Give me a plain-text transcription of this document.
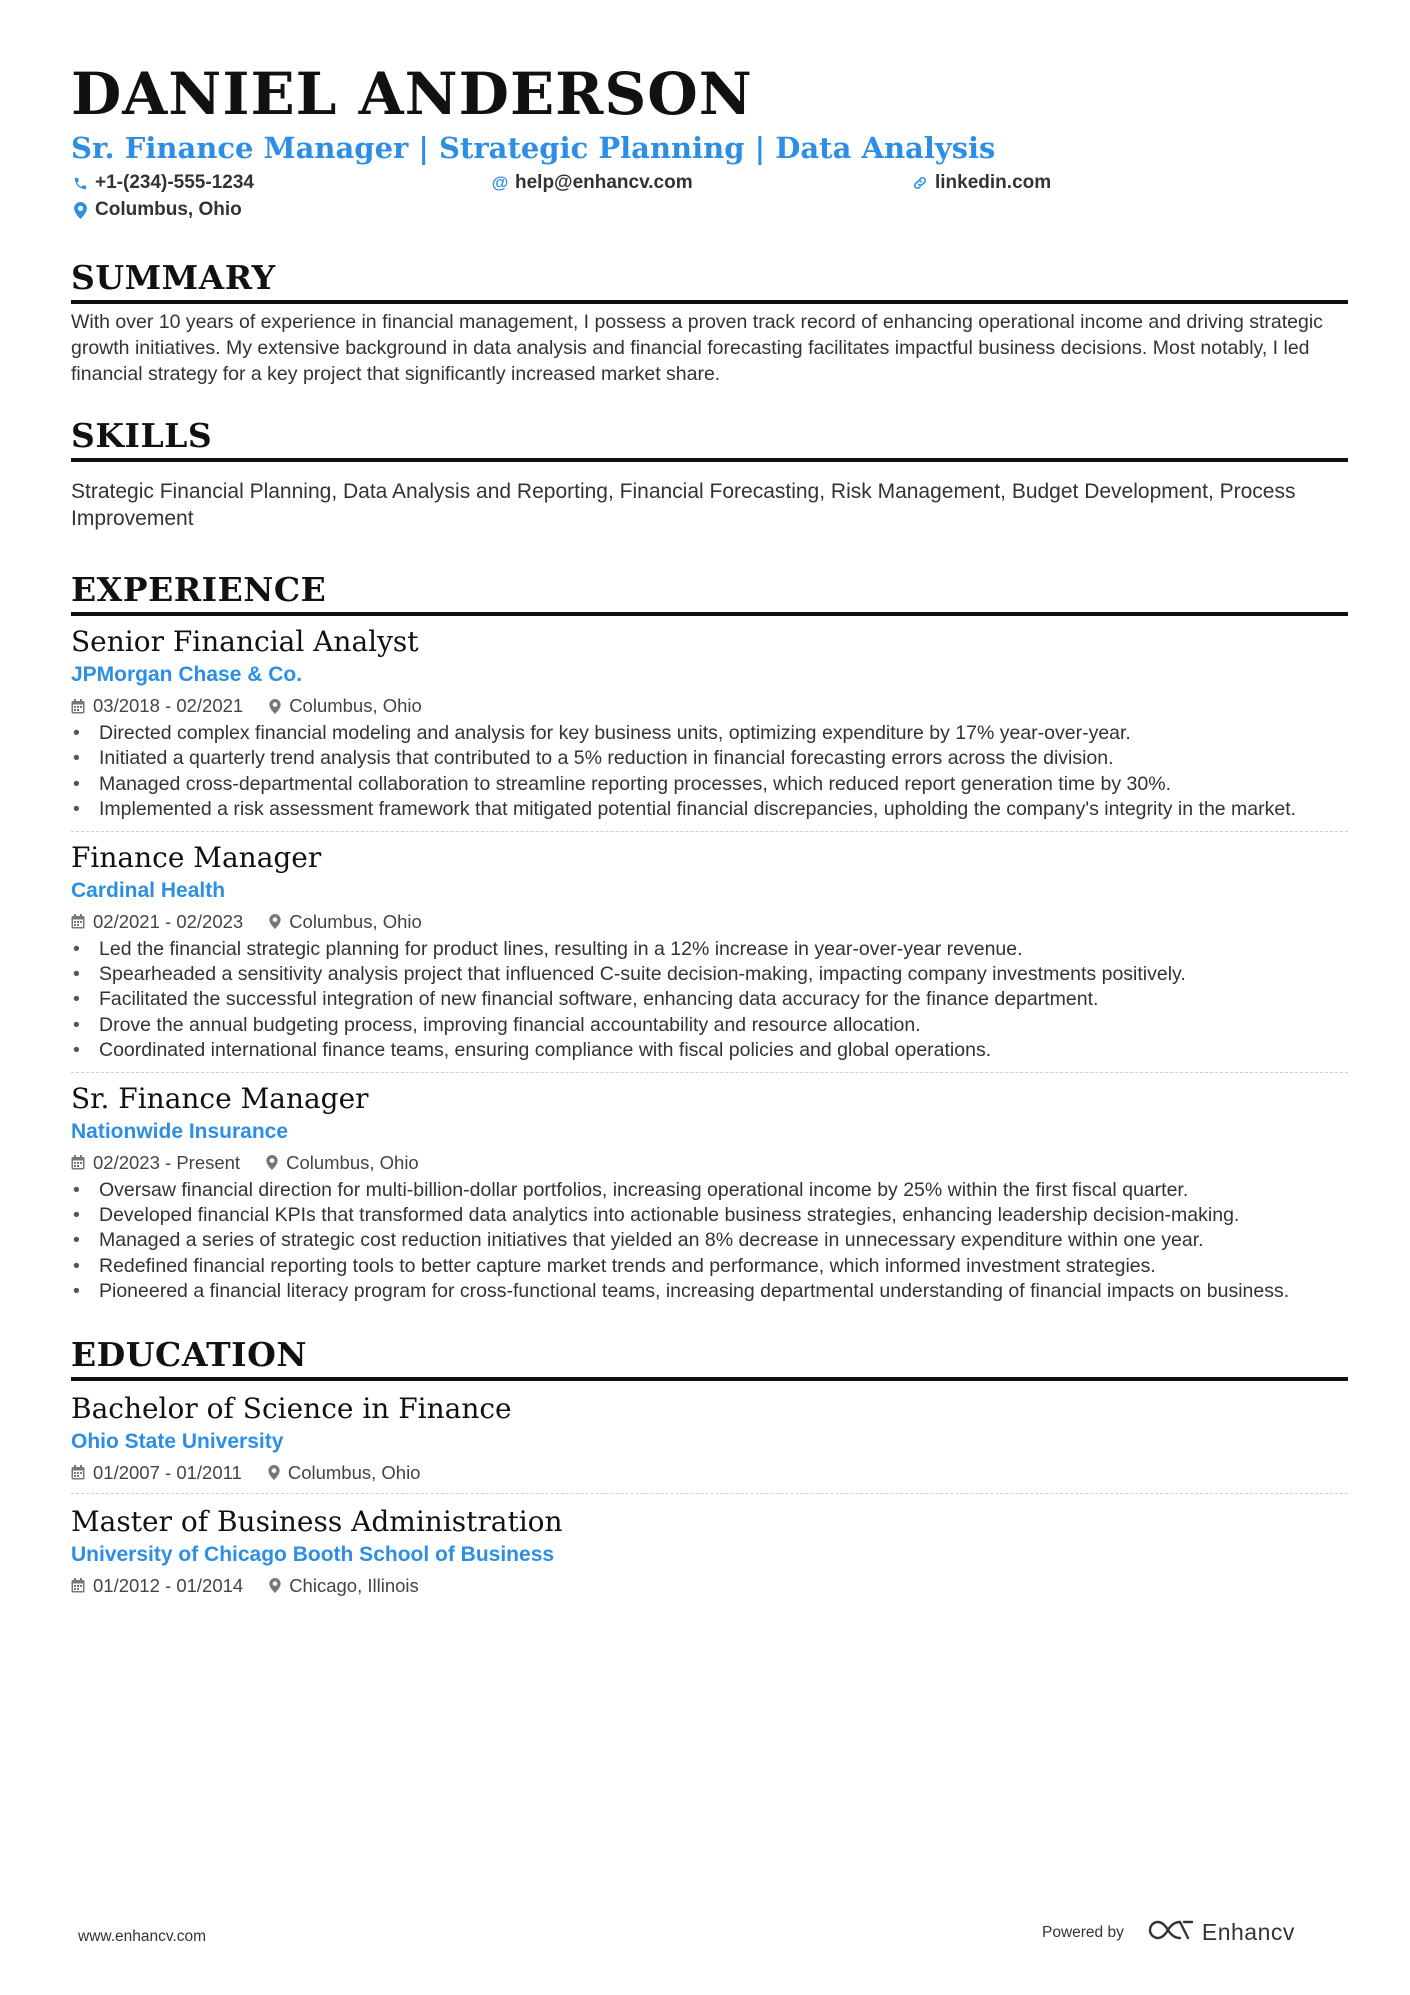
DANIEL ANDERSON
Sr. Finance Manager | Strategic Planning | Data Analysis
+1-(234)-555-1234	@ help@enhancv.com	linkedin.com
Columbus, Ohio
SUMMARY

With over 10 years of experience in financial management, I possess a proven track record of enhancing operational income and driving strategic growth initiatives. My extensive background in data analysis and financial forecasting facilitates impactful business decisions. Most notably, I led financial strategy for a key project that significantly increased market share.

SKILLS

Strategic Financial Planning, Data Analysis and Reporting, Financial Forecasting, Risk Management, Budget Development, Process Improvement

EXPERIENCE
Senior Financial Analyst
JPMorgan Chase & Co.
03/2018 - 02/2021 Columbus, Ohio
• Directed complex financial modeling and analysis for key business units, optimizing expenditure by 17% year-over-year.
• Initiated a quarterly trend analysis that contributed to a 5% reduction in financial forecasting errors across the division.
• Managed cross-departmental collaboration to streamline reporting processes, which reduced report generation time by 30%.
• Implemented a risk assessment framework that mitigated potential financial discrepancies, upholding the company's integrity in the market.
Finance Manager
Cardinal Health
02/2021 - 02/2023 Columbus, Ohio
• Led the financial strategic planning for product lines, resulting in a 12% increase in year-over-year revenue.
• Spearheaded a sensitivity analysis project that influenced C-suite decision-making, impacting company investments positively.
• Facilitated the successful integration of new financial software, enhancing data accuracy for the finance department.
• Drove the annual budgeting process, improving financial accountability and resource allocation.
• Coordinated international finance teams, ensuring compliance with fiscal policies and global operations.
Sr. Finance Manager
Nationwide Insurance
02/2023 - Present Columbus, Ohio
• Oversaw financial direction for multi-billion-dollar portfolios, increasing operational income by 25% within the first fiscal quarter.
• Developed financial KPIs that transformed data analytics into actionable business strategies, enhancing leadership decision-making.
• Managed a series of strategic cost reduction initiatives that yielded an 8% decrease in unnecessary expenditure within one year.
• Redefined financial reporting tools to better capture market trends and performance, which informed investment strategies.
• Pioneered a financial literacy program for cross-functional teams, increasing departmental understanding of financial impacts on business.
EDUCATION
Bachelor of Science in Finance
Ohio State University
01/2007 - 01/2011 Columbus, Ohio
Master of Business Administration
University of Chicago Booth School of Business
01/2012 - 01/2014 Chicago, Illinois
www.enhancv.com	Powered by	Enhancv
